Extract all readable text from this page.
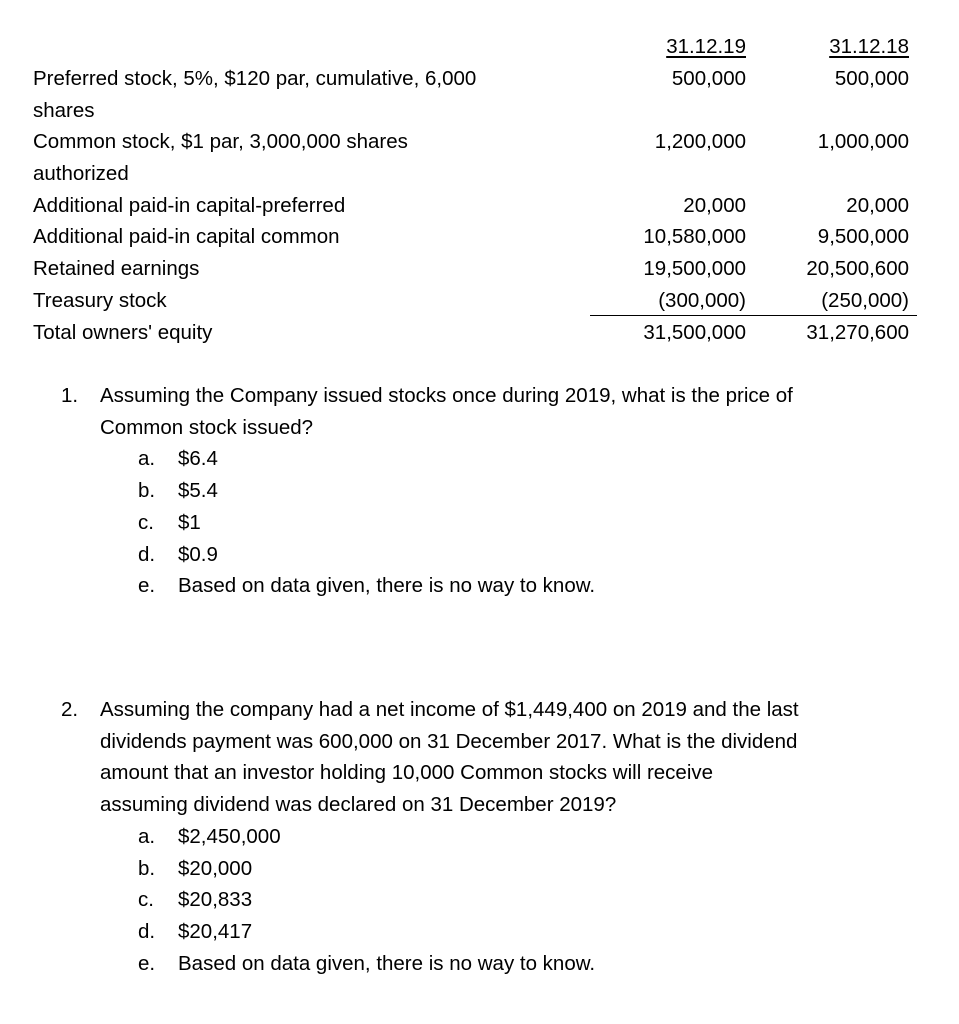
31.12.19	31.12.18
Preferred stock, 5%, $120 par, cumulative, 6,000
shares
500,000	500,000
Common stock, $1 par, 3,000,000 shares
authorized
1,200,000	1,000,000
Additional paid-in capital-preferred	20,000	20,000
Additional paid-in capital common	10,580,000	9,500,000
Retained earnings	19,500,000	20,500,600
Treasury stock	(300,000)	(250,000)
Total owners' equity	31,500,000	31,270,600
1. Assuming the Company issued stocks once during 2019, what is the price of
Common stock issued?
a. $6.4
b. $5.4
c. $1
d. $0.9
e. Based on data given, there is no way to know.
2. Assuming the company had a net income of $1,449,400 on 2019 and the last
dividends payment was 600,000 on 31 December 2017. What is the dividend
amount that an investor holding 10,000 Common stocks will receive
assuming dividend was declared on 31 December 2019?
a. $2,450,000
b. $20,000
c. $20,833
d. $20,417
e. Based on data given, there is no way to know.
